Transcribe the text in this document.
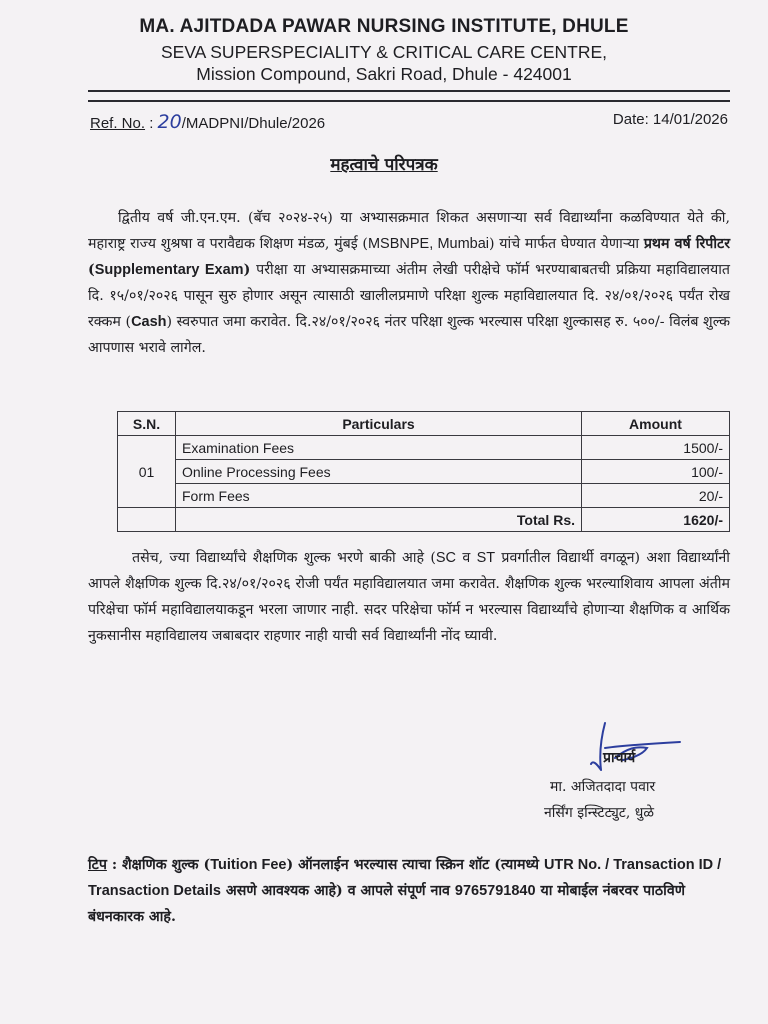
MA. AJITDADA PAWAR NURSING INSTITUTE, DHULE
SEVA SUPERSPECIALITY & CRITICAL CARE CENTRE,
Mission Compound, Sakri Road, Dhule - 424001
Ref. No. : 20/MADPNI/Dhule/2026	Date: 14/01/2026
महत्वाचे परिपत्रक
द्वितीय वर्ष जी.एन.एम. (बॅच २०२४-२५) या अभ्यासक्रमात शिकत असणाऱ्या सर्व विद्यार्थ्यांना कळविण्यात येते की, महाराष्ट्र राज्य शुश्रषा व परावैद्यक शिक्षण मंडळ, मुंबई (MSBNPE, Mumbai) यांचे मार्फत घेण्यात येणाऱ्या प्रथम वर्ष रिपीटर (Supplementary Exam) परीक्षा या अभ्यासक्रमाच्या अंतीम लेखी परीक्षेचे फॉर्म भरण्याबाबतची प्रक्रिया महाविद्यालयात दि. १५/०१/२०२६ पासून सुरु होणार असून त्यासाठी खालीलप्रमाणे परिक्षा शुल्क महाविद्यालयात दि. २४/०१/२०२६ पर्यंत रोख रक्कम (Cash) स्वरुपात जमा करावेत. दि.२४/०१/२०२६ नंतर परिक्षा शुल्क भरल्यास परिक्षा शुल्कासह रु. ५००/- विलंब शुल्क आपणास भरावे लागेल.
S.N.	Particulars	Amount
01	Examination Fees	1500/-
	Online Processing Fees	100/-
	Form Fees	20/-
	Total Rs.	1620/-
तसेच, ज्या विद्यार्थ्यांचे शैक्षणिक शुल्क भरणे बाकी आहे (SC व ST प्रवर्गातील विद्यार्थी वगळून) अशा विद्यार्थ्यांनी आपले शैक्षणिक शुल्क दि.२४/०१/२०२६ रोजी पर्यंत महाविद्यालयात जमा करावेत. शैक्षणिक शुल्क भरल्याशिवाय आपला अंतीम परिक्षेचा फॉर्म महाविद्यालयाकडून भरला जाणार नाही. सदर परिक्षेचा फॉर्म न भरल्यास विद्यार्थ्यांचे होणाऱ्या शैक्षणिक व आर्थिक नुकसानीस महाविद्यालय जबाबदार राहणार नाही याची सर्व विद्यार्थ्यांनी नोंद घ्यावी.
प्राचार्य
मा. अजितदादा पवार
नर्सिंग इन्स्टिट्युट, धुळे
टिप : शैक्षणिक शुल्क (Tuition Fee) ऑनलाईन भरल्यास त्याचा स्क्रिन शॉट (त्यामध्ये UTR No. / Transaction ID / Transaction Details असणे आवश्यक आहे) व आपले संपूर्ण नाव 9765791840 या मोबाईल नंबरवर पाठविणे बंधनकारक आहे.
